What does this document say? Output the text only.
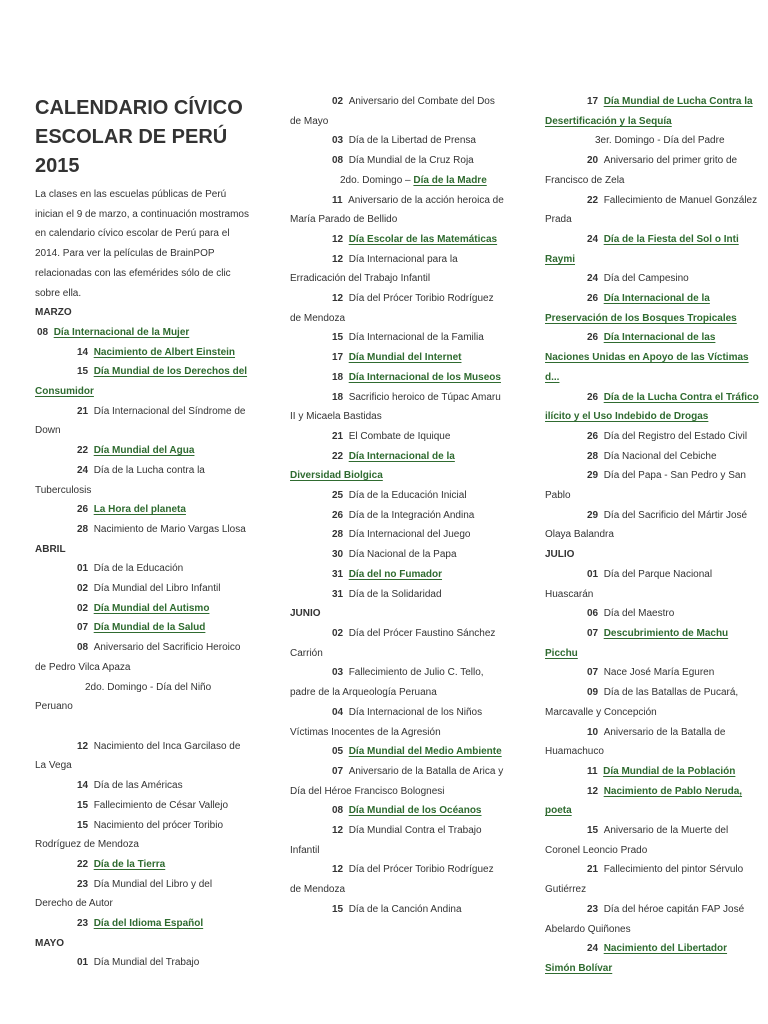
CALENDARIO CÍVICO ESCOLAR DE PERÚ 2015

La clases en las escuelas públicas de Perú inician el 9 de marzo, a continuación mostramos en calendario cívico escolar de Perú para el 2014. Para ver la películas de BrainPOP relacionadas con las efemérides sólo de clic sobre ella.

MARZO
08 Día Internacional de la Mujer
14 Nacimiento de Albert Einstein
15 Día Mundial de los Derechos del Consumidor
21 Día Internacional del Síndrome de Down
22 Día Mundial del Agua
24 Día de la Lucha contra la Tuberculosis
26 La Hora del planeta
28 Nacimiento de Mario Vargas Llosa
ABRIL
01 Día de la Educación
02 Día Mundial del Libro Infantil
02 Día Mundial del Autismo
07 Día Mundial de la Salud
08 Aniversario del Sacrificio Heroico de Pedro Vilca Apaza
2do. Domingo - Día del Niño Peruano

12 Nacimiento del Inca Garcilaso de La Vega
14 Día de las Américas
15 Fallecimiento de César Vallejo
15 Nacimiento del prócer Toribio Rodríguez de Mendoza
22 Día de la Tierra
23 Día Mundial del Libro y del Derecho de Autor
23 Día del Idioma Español
MAYO
01 Día Mundial del Trabajo
02 Aniversario del Combate del Dos de Mayo
03 Día de la Libertad de Prensa
08 Día Mundial de la Cruz Roja
2do. Domingo – Día de la Madre
11 Aniversario de la acción heroica de María Parado de Bellido
12 Día Escolar de las Matemáticas
12 Día Internacional para la Erradicación del Trabajo Infantil
12 Día del Prócer Toribio Rodríguez de Mendoza
15 Día Internacional de la Familia
17 Día Mundial del Internet
18 Día Internacional de los Museos
18 Sacrificio heroico de Túpac Amaru II y Micaela Bastidas
21 El Combate de Iquique
22 Día Internacional de la Diversidad Biolgica
25 Día de la Educación Inicial
26 Día de la Integración Andina
28 Día Internacional del Juego
30 Día Nacional de la Papa
31 Día del no Fumador
31 Día de la Solidaridad
JUNIO
02 Día del Prócer Faustino Sánchez Carrión
03 Fallecimiento de Julio C. Tello, padre de la Arqueología Peruana
04 Día Internacional de los Niños Víctimas Inocentes de la Agresión
05 Día Mundial del Medio Ambiente
07 Aniversario de la Batalla de Arica y Día del Héroe Francisco Bolognesi
08 Día Mundial de los Océanos
12 Día Mundial Contra el Trabajo Infantil
12 Día del Prócer Toribio Rodríguez de Mendoza
15 Día de la Canción Andina
17 Día Mundial de Lucha Contra la Desertificación y la Sequía
3er. Domingo - Día del Padre
20 Aniversario del primer grito de Francisco de Zela
22 Fallecimiento de Manuel González Prada
24 Día de la Fiesta del Sol o Inti Raymi
24 Día del Campesino
26 Día Internacional de la Preservación de los Bosques Tropicales
26 Día Internacional de las Naciones Unidas en Apoyo de las Víctimas d...
26 Día de la Lucha Contra el Tráfico ilícito y el Uso Indebido de Drogas
26 Día del Registro del Estado Civil
28 Día Nacional del Cebiche
29 Día del Papa - San Pedro y San Pablo
29 Día del Sacrificio del Mártir José Olaya Balandra
JULIO
01 Día del Parque Nacional Huascarán
06 Día del Maestro
07 Descubrimiento de Machu Picchu
07 Nace José María Eguren
09 Día de las Batallas de Pucará, Marcavalle y Concepción
10 Aniversario de la Batalla de Huamachuco
11 Día Mundial de la Población
12 Nacimiento de Pablo Neruda, poeta
15 Aniversario de la Muerte del Coronel Leoncio Prado
21 Fallecimiento del pintor Sérvulo Gutiérrez
23 Día del héroe capitán FAP José Abelardo Quiñones
24 Nacimiento del Libertador Simón Bolívar
